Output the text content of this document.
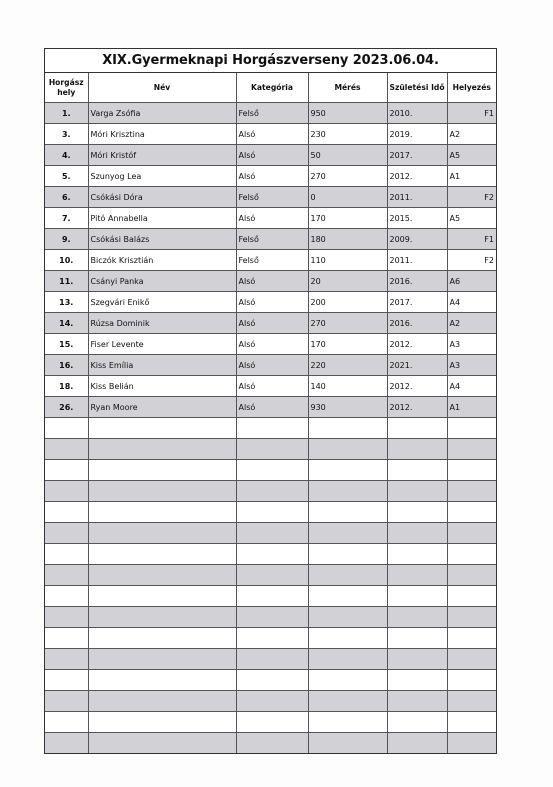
XIX.Gyermeknapi Horgászverseny 2023.06.04.
Horgász hely	Név	Kategória	Mérés	Születési Idő	Helyezés
1.	Varga Zsófia	Felső	950	2010.	F1
3.	Móri Krisztina	Alsó	230	2019.	A2
4.	Móri Kristóf	Alsó	50	2017.	A5
5.	Szunyog Lea	Alsó	270	2012.	A1
6.	Csókási Dóra	Felső	0	2011.	F2
7.	Pitó Annabella	Alsó	170	2015.	A5
9.	Csókási Balázs	Felső	180	2009.	F1
10.	Biczók Krisztián	Felső	110	2011.	F2
11.	Csányi Panka	Alsó	20	2016.	A6
13.	Szegvári Enikő	Alsó	200	2017.	A4
14.	Rúzsa Dominik	Alsó	270	2016.	A2
15.	Fiser Levente	Alsó	170	2012.	A3
16.	Kiss Emília	Alsó	220	2021.	A3
18.	Kiss Belián	Alsó	140	2012.	A4
26.	Ryan Moore	Alsó	930	2012.	A1
